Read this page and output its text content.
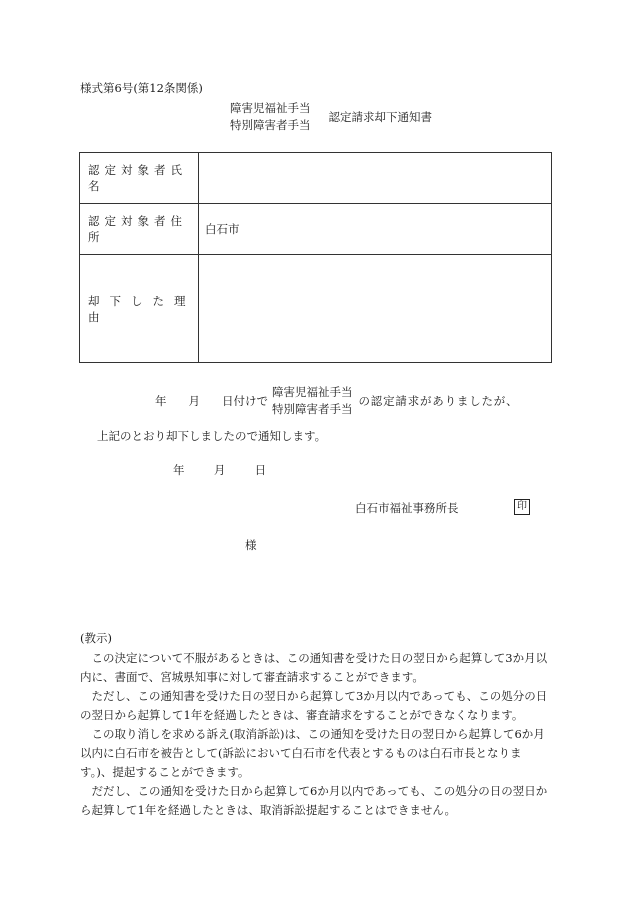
様式第6号(第12条関係)
障害児福祉手当
特別障害者手当
認定請求却下通知書
認定対象者氏名	
認定対象者住所	白石市
却下した理由	
年 月 日付けで
障害児福祉手当
特別障害者手当
の認定請求がありましたが、
上記のとおり却下しましたので通知します。
年	月	日
白石市福祉事務所長	印
様
(教示)
この決定について不服があるときは、この通知書を受けた日の翌日から起算して3か月以内に、書面で、宮城県知事に対して審査請求することができます。
ただし、この通知書を受けた日の翌日から起算して3か月以内であっても、この処分の日の翌日から起算して1年を経過したときは、審査請求をすることができなくなります。
この取り消しを求める訴え(取消訴訟)は、この通知を受けた日の翌日から起算して6か月以内に白石市を被告として(訴訟において白石市を代表とするものは白石市長となります。)、提起することができます。
だだし、この通知を受けた日から起算して6か月以内であっても、この処分の日の翌日から起算して1年を経過したときは、取消訴訟提起することはできません。
